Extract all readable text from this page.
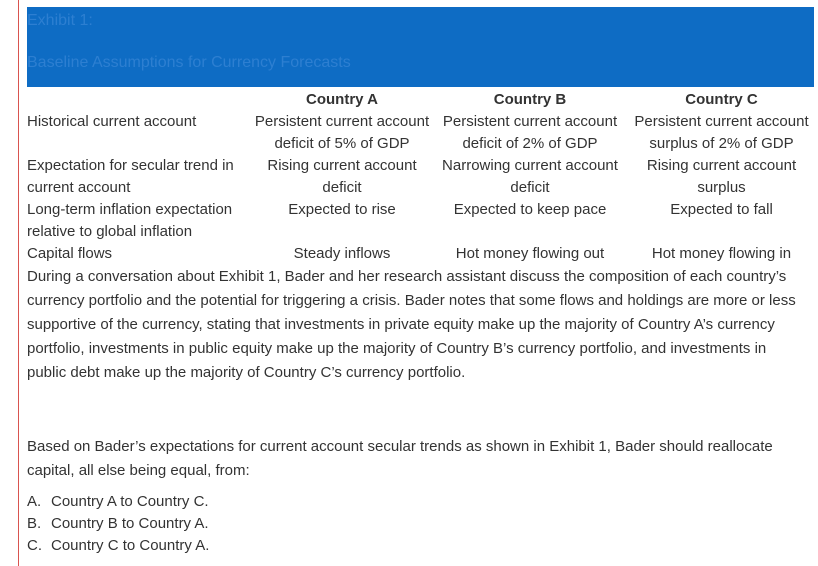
Exhibit 1:
Baseline Assumptions for Currency Forecasts
	Country A	Country B	Country C
Historical current account	Persistent current account deficit of 5% of GDP	Persistent current account deficit of 2% of GDP	Persistent current account surplus of 2% of GDP
Expectation for secular trend in current account	Rising current account deficit	Narrowing current account deficit	Rising current account surplus
Long-term inflation expectation relative to global inflation	Expected to rise	Expected to keep pace	Expected to fall
Capital flows	Steady inflows	Hot money flowing out	Hot money flowing in

During a conversation about Exhibit 1, Bader and her research assistant discuss the composition of each country’s currency portfolio and the potential for triggering a crisis. Bader notes that some flows and holdings are more or less supportive of the currency, stating that investments in private equity make up the majority of Country A’s currency portfolio, investments in public equity make up the majority of Country B’s currency portfolio, and investments in public debt make up the majority of Country C’s currency portfolio.

Based on Bader’s expectations for current account secular trends as shown in Exhibit 1, Bader should reallocate capital, all else being equal, from:

A. Country A to Country C.
B. Country B to Country A.
C. Country C to Country A.
